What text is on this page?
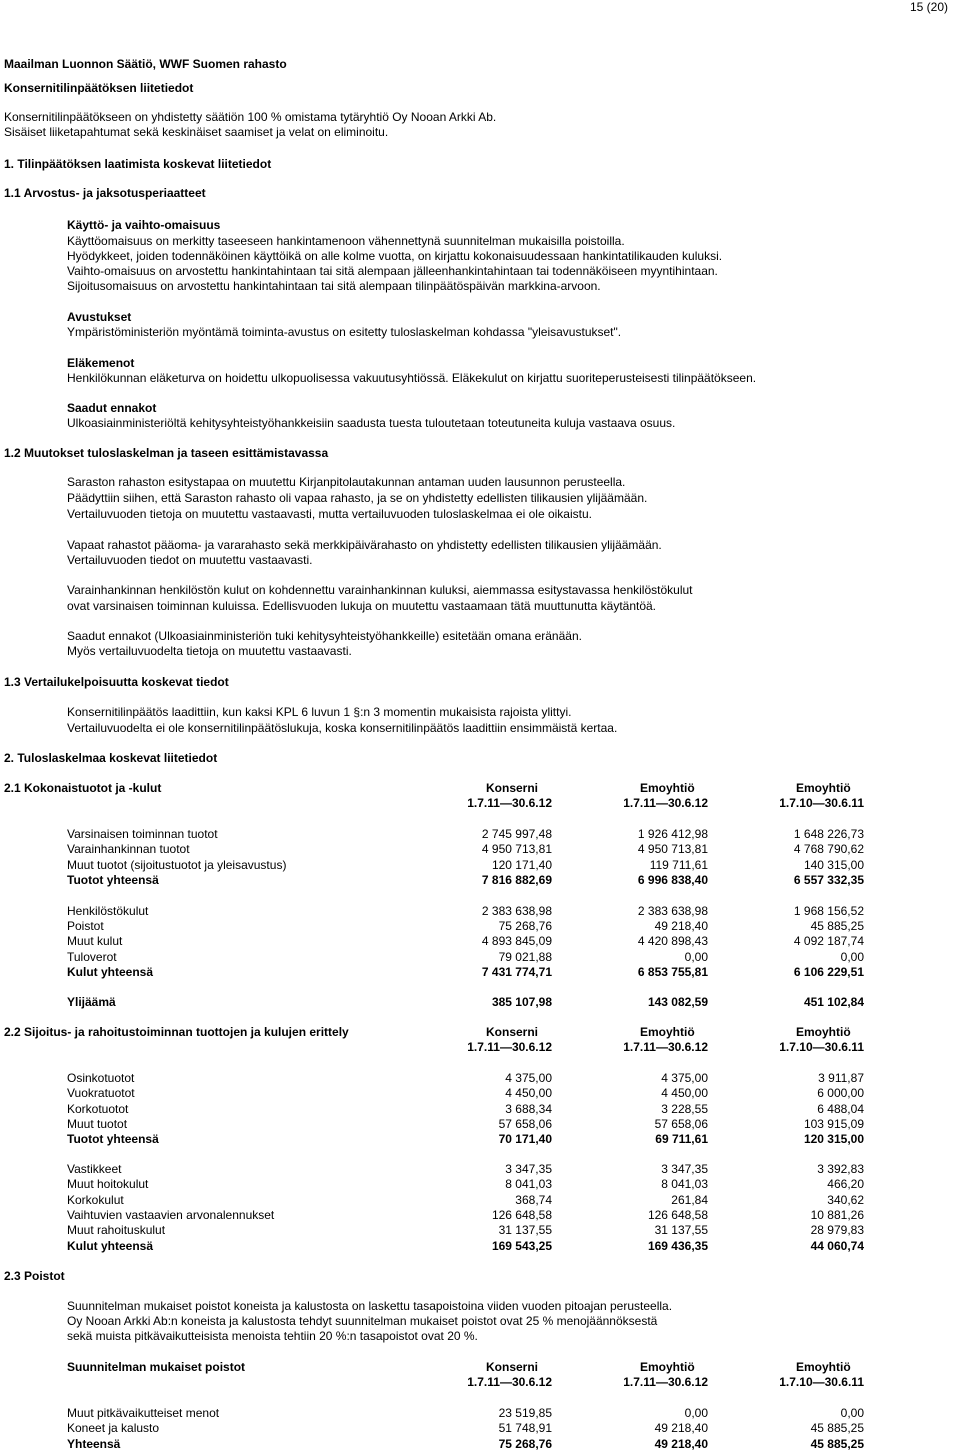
15 (20)
Maailman Luonnon Säätiö, WWF Suomen rahasto
Konsernitilinpäätöksen liitetiedot
Konsernitilinpäätökseen on yhdistetty säätiön 100 % omistama tytäryhtiö Oy Nooan Arkki Ab.
Sisäiset liiketapahtumat sekä keskinäiset saamiset ja velat on eliminoitu.
1. Tilinpäätöksen laatimista koskevat liitetiedot
1.1 Arvostus- ja jaksotusperiaatteet
Käyttö- ja vaihto-omaisuus
Käyttöomaisuus on merkitty taseeseen hankintamenoon vähennettynä suunnitelman mukaisilla poistoilla.
Hyödykkeet, joiden todennäköinen käyttöikä on alle kolme vuotta, on kirjattu kokonaisuudessaan hankintatilikauden kuluksi.
Vaihto-omaisuus on arvostettu hankintahintaan tai sitä alempaan jälleenhankintahintaan tai todennäköiseen myyntihintaan.
Sijoitusomaisuus on arvostettu hankintahintaan tai sitä alempaan tilinpäätöspäivän markkina-arvoon.
Avustukset
Ympäristöministeriön myöntämä toiminta-avustus on esitetty tuloslaskelman kohdassa "yleisavustukset".
Eläkemenot
Henkilökunnan eläketurva on hoidettu ulkopuolisessa vakuutusyhtiössä. Eläkekulut on kirjattu suoriteperusteisesti tilinpäätökseen.
Saadut ennakot
Ulkoasiainministeriöltä kehitysyhteistyöhankkeisiin saadusta tuesta tuloutetaan toteutuneita kuluja vastaava osuus.
1.2 Muutokset tuloslaskelman ja taseen esittämistavassa
Saraston rahaston esitystapaa on muutettu Kirjanpitolautakunnan antaman uuden lausunnon perusteella.
Päädyttiin siihen, että Saraston rahasto oli vapaa rahasto, ja se on yhdistetty edellisten tilikausien ylijäämään.
Vertailuvuoden tietoja on muutettu vastaavasti, mutta vertailuvuoden tuloslaskelmaa ei ole oikaistu.
Vapaat rahastot pääoma- ja vararahasto sekä merkkipäivärahasto on yhdistetty edellisten tilikausien ylijäämään.
Vertailuvuoden tiedot on muutettu vastaavasti.
Varainhankinnan henkilöstön kulut on kohdennettu varainhankinnan kuluksi, aiemmassa esitystavassa henkilöstökulut
ovat varsinaisen toiminnan kuluissa. Edellisvuoden lukuja on muutettu vastaamaan tätä muuttunutta käytäntöä.
Saadut ennakot (Ulkoasiainministeriön tuki kehitysyhteistyöhankkeille) esitetään omana eränään.
Myös vertailuvuodelta tietoja on muutettu vastaavasti.
1.3 Vertailukelpoisuutta koskevat tiedot
Konsernitilinpäätös laadittiin, kun kaksi KPL 6 luvun 1 §:n 3 momentin mukaisista rajoista ylittyi.
Vertailuvuodelta ei ole konsernitilinpäätöslukuja, koska konsernitilinpäätös laadittiin ensimmäistä kertaa.
2. Tuloslaskelmaa koskevat liitetiedot
2.1 Kokonaistuotot ja -kulut	Konserni	Emoyhtiö	Emoyhtiö
1.7.11—30.6.12	1.7.11—30.6.12	1.7.10—30.6.11
Varsinaisen toiminnan tuotot	2 745 997,48	1 926 412,98	1 648 226,73
Varainhankinnan tuotot	4 950 713,81	4 950 713,81	4 768 790,62
Muut tuotot (sijoitustuotot ja yleisavustus)	120 171,40	119 711,61	140 315,00
Tuotot yhteensä	7 816 882,69	6 996 838,40	6 557 332,35
Henkilöstökulut	2 383 638,98	2 383 638,98	1 968 156,52
Poistot	75 268,76	49 218,40	45 885,25
Muut kulut	4 893 845,09	4 420 898,43	4 092 187,74
Tuloverot	79 021,88	0,00	0,00
Kulut yhteensä	7 431 774,71	6 853 755,81	6 106 229,51
Ylijäämä	385 107,98	143 082,59	451 102,84
2.2 Sijoitus- ja rahoitustoiminnan tuottojen ja kulujen erittely	Konserni	Emoyhtiö	Emoyhtiö
1.7.11—30.6.12	1.7.11—30.6.12	1.7.10—30.6.11
Osinkotuotot	4 375,00	4 375,00	3 911,87
Vuokratuotot	4 450,00	4 450,00	6 000,00
Korkotuotot	3 688,34	3 228,55	6 488,04
Muut tuotot	57 658,06	57 658,06	103 915,09
Tuotot yhteensä	70 171,40	69 711,61	120 315,00
Vastikkeet	3 347,35	3 347,35	3 392,83
Muut hoitokulut	8 041,03	8 041,03	466,20
Korkokulut	368,74	261,84	340,62
Vaihtuvien vastaavien arvonalennukset	126 648,58	126 648,58	10 881,26
Muut rahoituskulut	31 137,55	31 137,55	28 979,83
Kulut yhteensä	169 543,25	169 436,35	44 060,74
2.3 Poistot
Suunnitelman mukaiset poistot koneista ja kalustosta on laskettu tasapoistoina viiden vuoden pitoajan perusteella.
Oy Nooan Arkki Ab:n koneista ja kalustosta tehdyt suunnitelman mukaiset poistot ovat 25 % menojäännöksestä
sekä muista pitkävaikutteisista menoista tehtiin 20 %:n tasapoistot ovat 20 %.
Suunnitelman mukaiset poistot	Konserni	Emoyhtiö	Emoyhtiö
1.7.11—30.6.12	1.7.11—30.6.12	1.7.10—30.6.11
Muut pitkävaikutteiset menot	23 519,85	0,00	0,00
Koneet ja kalusto	51 748,91	49 218,40	45 885,25
Yhteensä	75 268,76	49 218,40	45 885,25
